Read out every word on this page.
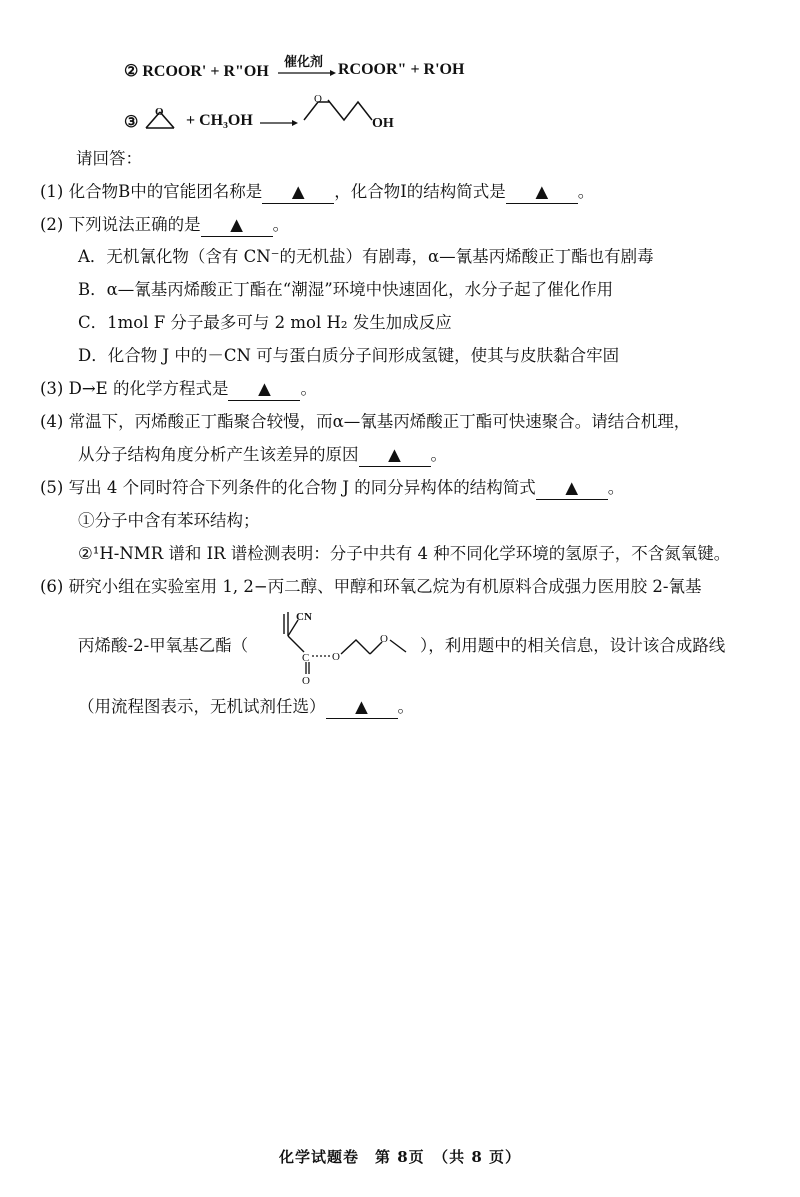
② RCOOR' + R"OH
催化剂 → RCOOR" + R'OH
③
O + CH₃OH →
O
OH
请回答：
(1) 化合物B中的官能团名称是 ▲ ，化合物I的结构简式是 ▲ 。
(2) 下列说法正确的是 ▲ 。
A．无机氰化物（含有 CN⁻的无机盐）有剧毒，α—氰基丙烯酸正丁酯也有剧毒
B．α—氰基丙烯酸正丁酯在“潮湿”环境中快速固化，水分子起了催化作用
C．1mol F 分子最多可与 2 mol H₂ 发生加成反应
D．化合物 J 中的－CN 可与蛋白质分子间形成氢键，使其与皮肤黏合牢固
(3) D→E 的化学方程式是 ▲ 。
(4) 常温下，丙烯酸正丁酯聚合较慢，而α—氰基丙烯酸正丁酯可快速聚合。请结合机理，
从分子结构角度分析产生该差异的原因 ▲ 。
(5) 写出 4 个同时符合下列条件的化合物 J 的同分异构体的结构简式 ▲ 。
①分子中含有苯环结构；
②¹H-NMR 谱和 IR 谱检测表明：分子中共有 4 种不同化学环境的氢原子，不含氮氧键。
(6) 研究小组在实验室用 1, 2−丙二醇、甲醇和环氧乙烷为有机原料合成强力医用胶 2-氰基
丙烯酸-2-甲氧基乙酯（
CN
C
O
O
O ），利用题中的相关信息，设计该合成路线
（用流程图表示，无机试剂任选） ▲ 。
化学试题卷　第 8页　（共 8 页）
